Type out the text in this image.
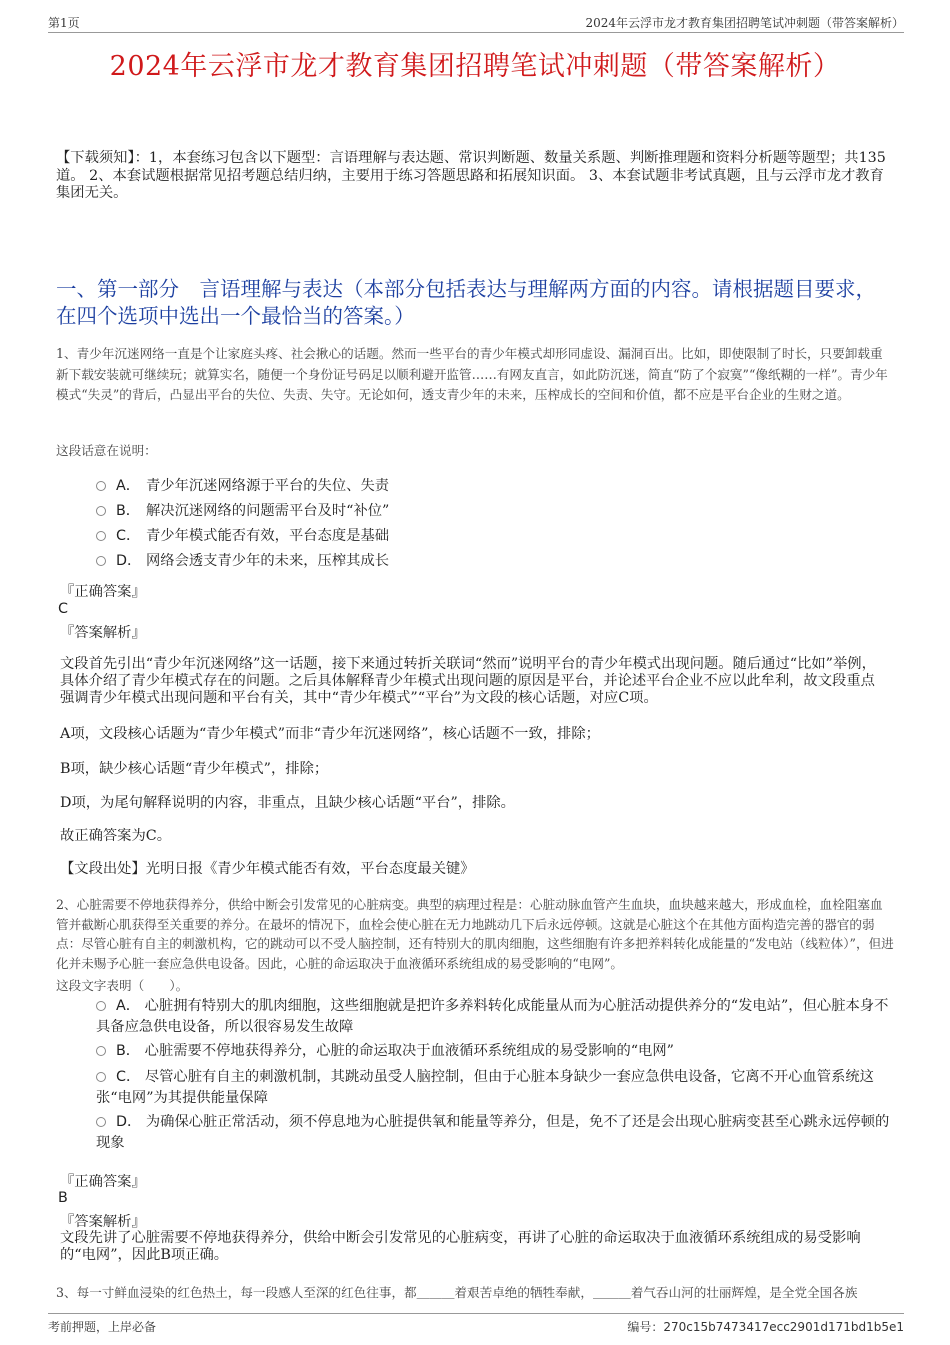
第1页	2024年云浮市龙才教育集团招聘笔试冲刺题（带答案解析）
2024年云浮市龙才教育集团招聘笔试冲刺题（带答案解析）
【下载须知】：1，本套练习包含以下题型：言语理解与表达题、常识判断题、数量关系题、判断推理题和资料分析题等题型；共135道。 2、本套试题根据常见招考题总结归纳，主要用于练习答题思路和拓展知识面。 3、本套试题非考试真题，且与云浮市龙才教育集团无关。
一、第一部分　言语理解与表达（本部分包括表达与理解两方面的内容。请根据题目要求，在四个选项中选出一个最恰当的答案。）
1、青少年沉迷网络一直是个让家庭头疼、社会揪心的话题。然而一些平台的青少年模式却形同虚设、漏洞百出。比如，即使限制了时长，只要卸载重新下载安装就可继续玩；就算实名，随便一个身份证号码足以顺利避开监管……有网友直言，如此防沉迷，简直“防了个寂寞”“像纸糊的一样”。青少年模式“失灵”的背后，凸显出平台的失位、失责、失守。无论如何，透支青少年的未来，压榨成长的空间和价值，都不应是平台企业的生财之道。
这段话意在说明：
A． 青少年沉迷网络源于平台的失位、失责
B． 解决沉迷网络的问题需平台及时“补位”
C． 青少年模式能否有效，平台态度是基础
D． 网络会透支青少年的未来，压榨其成长
『正确答案』
C
『答案解析』
文段首先引出“青少年沉迷网络”这一话题，接下来通过转折关联词“然而”说明平台的青少年模式出现问题。随后通过“比如”举例，具体介绍了青少年模式存在的问题。之后具体解释青少年模式出现问题的原因是平台，并论述平台企业不应以此牟利，故文段重点强调青少年模式出现问题和平台有关，其中“青少年模式”“平台”为文段的核心话题，对应C项。
A项，文段核心话题为“青少年模式”而非“青少年沉迷网络”，核心话题不一致，排除；
B项，缺少核心话题“青少年模式”，排除；
D项，为尾句解释说明的内容，非重点，且缺少核心话题“平台”，排除。
故正确答案为C。
【文段出处】光明日报《青少年模式能否有效，平台态度最关键》
2、心脏需要不停地获得养分，供给中断会引发常见的心脏病变。典型的病理过程是：心脏动脉血管产生血块，血块越来越大，形成血栓，血栓阻塞血管并截断心肌获得至关重要的养分。在最坏的情况下，血栓会使心脏在无力地跳动几下后永远停顿。这就是心脏这个在其他方面构造完善的器官的弱点：尽管心脏有自主的刺激机构，它的跳动可以不受人脑控制，还有特别大的肌肉细胞，这些细胞有许多把养料转化成能量的“发电站（线粒体）”，但进化并未赐予心脏一套应急供电设备。因此，心脏的命运取决于血液循环系统组成的易受影响的“电网”。
这段文字表明（　　）。
A． 心脏拥有特别大的肌肉细胞，这些细胞就是把许多养料转化成能量从而为心脏活动提供养分的“发电站”，但心脏本身不具备应急供电设备，所以很容易发生故障
B． 心脏需要不停地获得养分，心脏的命运取决于血液循环系统组成的易受影响的“电网”
C． 尽管心脏有自主的刺激机制，其跳动虽受人脑控制，但由于心脏本身缺少一套应急供电设备，它离不开心血管系统这张“电网”为其提供能量保障
D． 为确保心脏正常活动，须不停息地为心脏提供氧和能量等养分，但是，免不了还是会出现心脏病变甚至心跳永远停顿的现象
『正确答案』
B
『答案解析』
文段先讲了心脏需要不停地获得养分，供给中断会引发常见的心脏病变，再讲了心脏的命运取决于血液循环系统组成的易受影响的“电网”，因此B项正确。
3、每一寸鲜血浸染的红色热土，每一段感人至深的红色往事，都＿＿＿着艰苦卓绝的牺牲奉献，＿＿＿着气吞山河的壮丽辉煌，是全党全国各族
考前押题，上岸必备	编号：270c15b7473417ecc2901d171bd1b5e1
